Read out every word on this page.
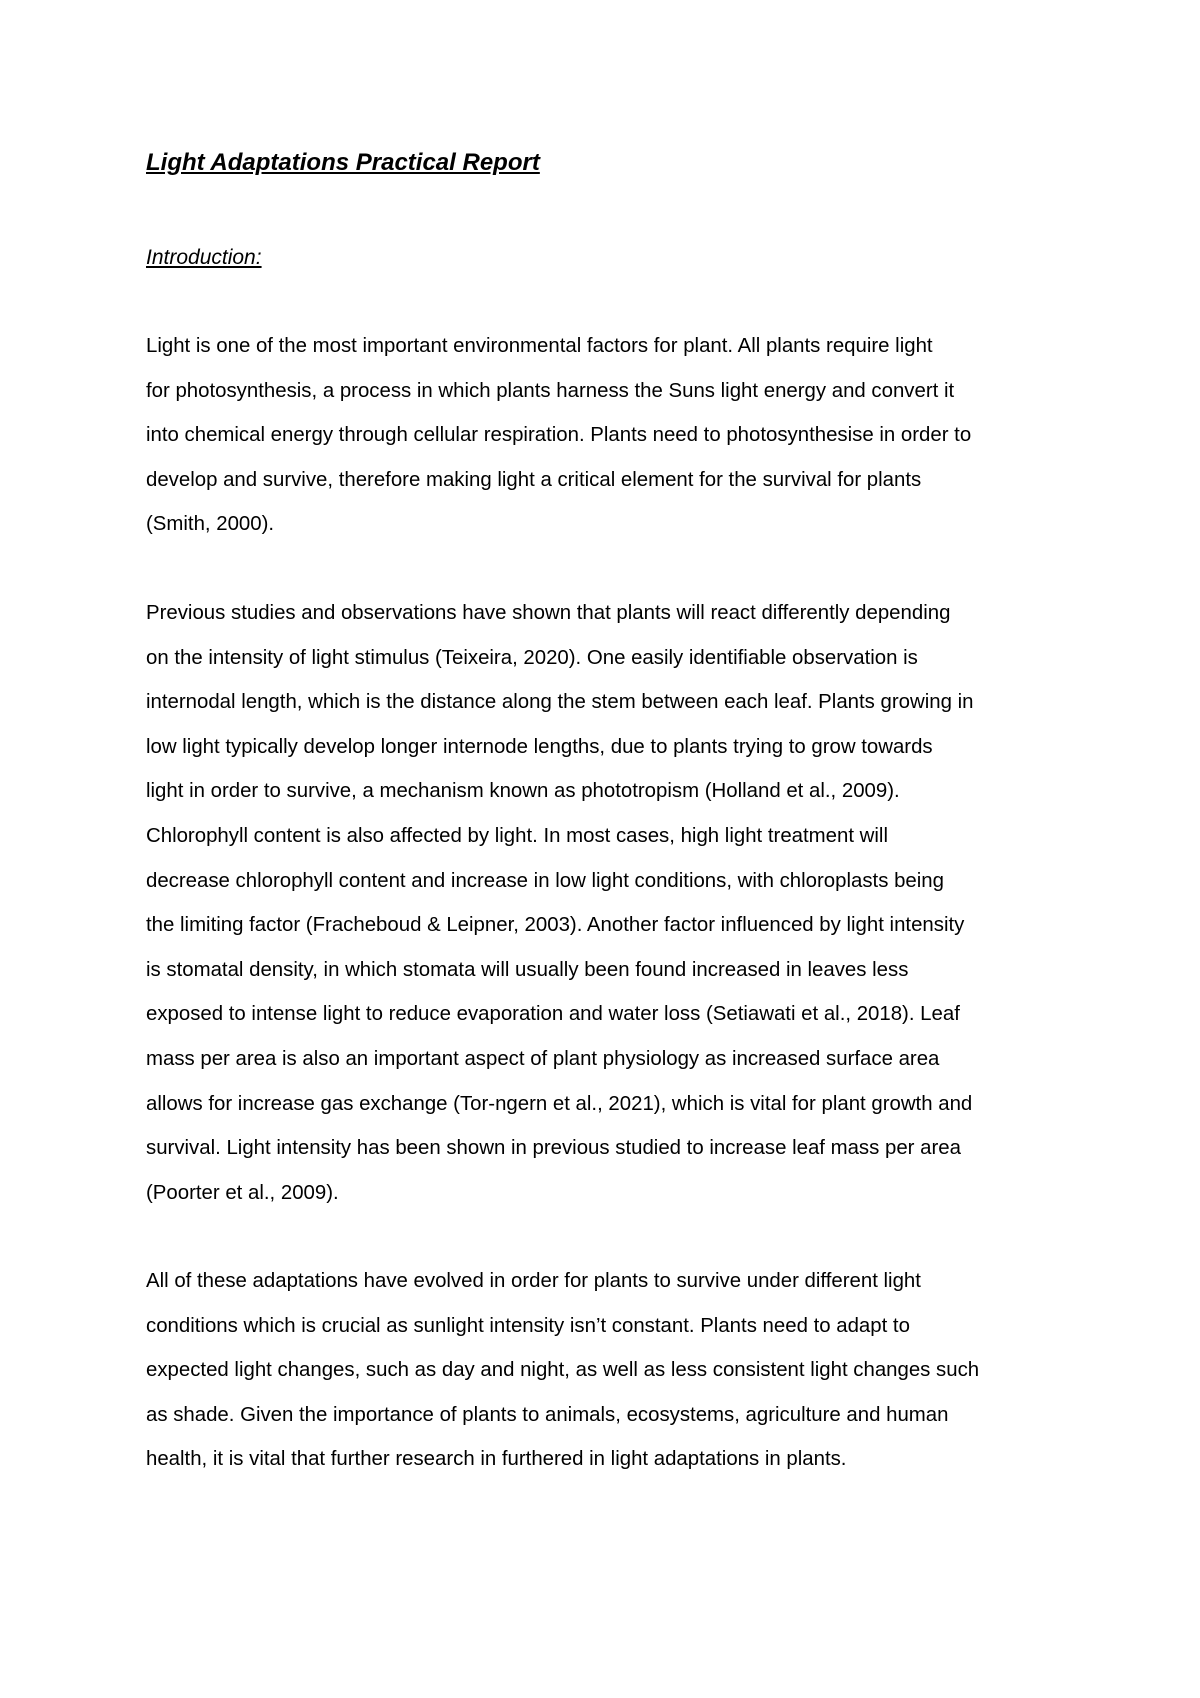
Light Adaptations Practical Report
Introduction:

Light is one of the most important environmental factors for plant. All plants require light
for photosynthesis, a process in which plants harness the Suns light energy and convert it
into chemical energy through cellular respiration. Plants need to photosynthesise in order to
develop and survive, therefore making light a critical element for the survival for plants
(Smith, 2000).

Previous studies and observations have shown that plants will react differently depending
on the intensity of light stimulus (Teixeira, 2020). One easily identifiable observation is
internodal length, which is the distance along the stem between each leaf. Plants growing in
low light typically develop longer internode lengths, due to plants trying to grow towards
light in order to survive, a mechanism known as phototropism (Holland et al., 2009).
Chlorophyll content is also affected by light. In most cases, high light treatment will
decrease chlorophyll content and increase in low light conditions, with chloroplasts being
the limiting factor (Fracheboud & Leipner, 2003). Another factor influenced by light intensity
is stomatal density, in which stomata will usually been found increased in leaves less
exposed to intense light to reduce evaporation and water loss (Setiawati et al., 2018). Leaf
mass per area is also an important aspect of plant physiology as increased surface area
allows for increase gas exchange (Tor-ngern et al., 2021), which is vital for plant growth and
survival. Light intensity has been shown in previous studied to increase leaf mass per area
(Poorter et al., 2009).

All of these adaptations have evolved in order for plants to survive under different light
conditions which is crucial as sunlight intensity isn’t constant. Plants need to adapt to
expected light changes, such as day and night, as well as less consistent light changes such
as shade. Given the importance of plants to animals, ecosystems, agriculture and human
health, it is vital that further research in furthered in light adaptations in plants.
